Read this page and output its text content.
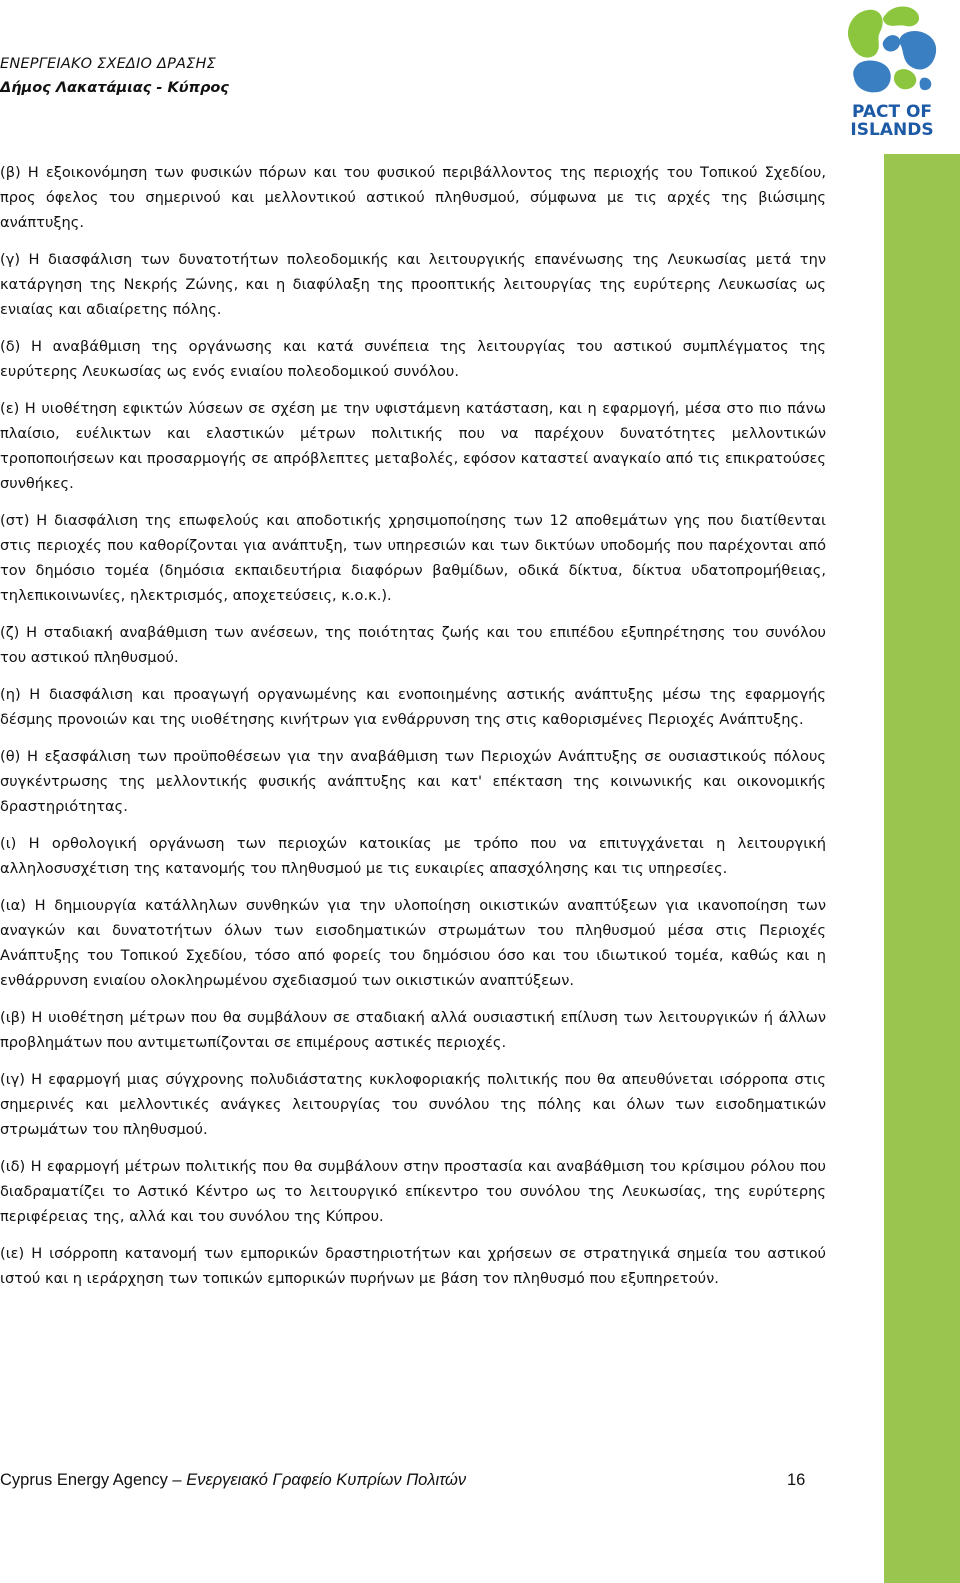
ΕΝΕΡΓΕΙΑΚΟ ΣΧΕΔΙΟ ΔΡΑΣΗΣ
Δήμος Λακατάμιας - Κύπρος
PACT OF
ISLANDS

(β) Η εξοικονόμηση των φυσικών πόρων και του φυσικού περιβάλλοντος της περιοχής του Τοπικού Σχεδίου, προς όφελος του σημερινού και μελλοντικού αστικού πληθυσμού, σύμφωνα με τις αρχές της βιώσιμης ανάπτυξης.

(γ) Η διασφάλιση των δυνατοτήτων πολεοδομικής και λειτουργικής επανένωσης της Λευκωσίας μετά την κατάργηση της Νεκρής Ζώνης, και η διαφύλαξη της προοπτικής λειτουργίας της ευρύτερης Λευκωσίας ως ενιαίας και αδιαίρετης πόλης.

(δ) Η αναβάθμιση της οργάνωσης και κατά συνέπεια της λειτουργίας του αστικού συμπλέγματος της ευρύτερης Λευκωσίας ως ενός ενιαίου πολεοδομικού συνόλου.

(ε) Η υιοθέτηση εφικτών λύσεων σε σχέση με την υφιστάμενη κατάσταση, και η εφαρμογή, μέσα στο πιο πάνω πλαίσιο, ευέλικτων και ελαστικών μέτρων πολιτικής που να παρέχουν δυνατότητες μελλοντικών τροποποιήσεων και προσαρμογής σε απρόβλεπτες μεταβολές, εφόσον καταστεί αναγκαίο από τις επικρατούσες συνθήκες.

(στ) Η διασφάλιση της επωφελούς και αποδοτικής χρησιμοποίησης των 12 αποθεμάτων γης που διατίθενται στις περιοχές που καθορίζονται για ανάπτυξη, των υπηρεσιών και των δικτύων υποδομής που παρέχονται από τον δημόσιο τομέα (δημόσια εκπαιδευτήρια διαφόρων βαθμίδων, οδικά δίκτυα, δίκτυα υδατοπρομήθειας, τηλεπικοινωνίες, ηλεκτρισμός, αποχετεύσεις, κ.ο.κ.).

(ζ) Η σταδιακή αναβάθμιση των ανέσεων, της ποιότητας ζωής και του επιπέδου εξυπηρέτησης του συνόλου του αστικού πληθυσμού.

(η) Η διασφάλιση και προαγωγή οργανωμένης και ενοποιημένης αστικής ανάπτυξης μέσω της εφαρμογής δέσμης προνοιών και της υιοθέτησης κινήτρων για ενθάρρυνση της στις καθορισμένες Περιοχές Ανάπτυξης.

(θ) Η εξασφάλιση των προϋποθέσεων για την αναβάθμιση των Περιοχών Ανάπτυξης σε ουσιαστικούς πόλους συγκέντρωσης της μελλοντικής φυσικής ανάπτυξης και κατ' επέκταση της κοινωνικής και οικονομικής δραστηριότητας.

(ι) Η ορθολογική οργάνωση των περιοχών κατοικίας με τρόπο που να επιτυγχάνεται η λειτουργική αλληλοσυσχέτιση της κατανομής του πληθυσμού με τις ευκαιρίες απασχόλησης και τις υπηρεσίες.

(ια) Η δημιουργία κατάλληλων συνθηκών για την υλοποίηση οικιστικών αναπτύξεων για ικανοποίηση των αναγκών και δυνατοτήτων όλων των εισοδηματικών στρωμάτων του πληθυσμού μέσα στις Περιοχές Ανάπτυξης του Τοπικού Σχεδίου, τόσο από φορείς του δημόσιου όσο και του ιδιωτικού τομέα, καθώς και η ενθάρρυνση ενιαίου ολοκληρωμένου σχεδιασμού των οικιστικών αναπτύξεων.

(ιβ) Η υιοθέτηση μέτρων που θα συμβάλουν σε σταδιακή αλλά ουσιαστική επίλυση των λειτουργικών ή άλλων προβλημάτων που αντιμετωπίζονται σε επιμέρους αστικές περιοχές.

(ιγ) Η εφαρμογή μιας σύγχρονης πολυδιάστατης κυκλοφοριακής πολιτικής που θα απευθύνεται ισόρροπα στις σημερινές και μελλοντικές ανάγκες λειτουργίας του συνόλου της πόλης και όλων των εισοδηματικών στρωμάτων του πληθυσμού.

(ιδ) Η εφαρμογή μέτρων πολιτικής που θα συμβάλουν στην προστασία και αναβάθμιση του κρίσιμου ρόλου που διαδραματίζει το Αστικό Κέντρο ως το λειτουργικό επίκεντρο του συνόλου της Λευκωσίας, της ευρύτερης περιφέρειας της, αλλά και του συνόλου της Κύπρου.

(ιε) Η ισόρροπη κατανομή των εμπορικών δραστηριοτήτων και χρήσεων σε στρατηγικά σημεία του αστικού ιστού και η ιεράρχηση των τοπικών εμπορικών πυρήνων με βάση τον πληθυσμό που εξυπηρετούν.

Cyprus Energy Agency – Ενεργειακό Γραφείο Κυπρίων Πολιτών	16
